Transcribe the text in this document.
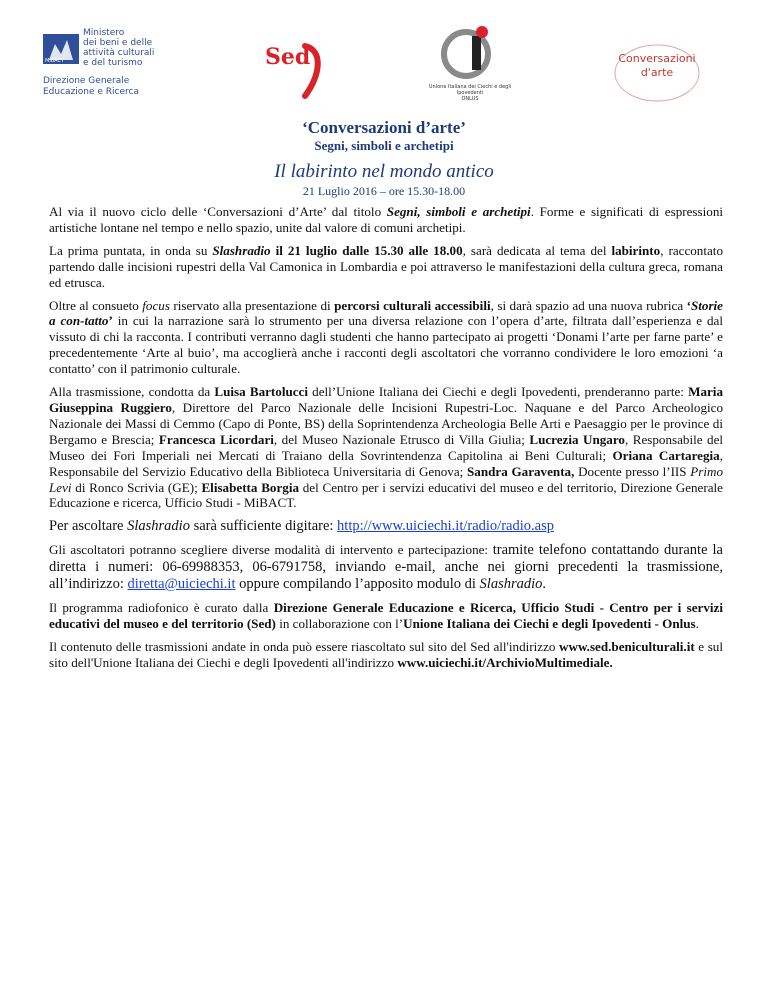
MiBACT
Ministero
dei beni e delle
attività culturali
e del turismo
Direzione Generale
Educazione e Ricerca
Sed
Unione Italiana dei Ciechi e degli Ipovedenti
ONLUS
Conversazioni
d'arte
‘Conversazioni d’arte’
Segni, simboli e archetipi
Il labirinto nel mondo antico
21 Luglio 2016 – ore 15.30-18.00

Al via il nuovo ciclo delle ‘Conversazioni d’Arte’ dal titolo Segni, simboli e archetipi. Forme e significati di espressioni artistiche lontane nel tempo e nello spazio, unite dal valore di comuni archetipi.

La prima puntata, in onda su Slashradio il 21 luglio dalle 15.30 alle 18.00, sarà dedicata al tema del labirinto, raccontato partendo dalle incisioni rupestri della Val Camonica in Lombardia e poi attraverso le manifestazioni della cultura greca, romana ed etrusca.

Oltre al consueto focus riservato alla presentazione di percorsi culturali accessibili, si darà spazio ad una nuova rubrica ‘Storie a con-tatto’ in cui la narrazione sarà lo strumento per una diversa relazione con l’opera d’arte, filtrata dall’esperienza e dal vissuto di chi la racconta. I contributi verranno dagli studenti che hanno partecipato ai progetti ‘Donami l’arte per farne parte’ e precedentemente ‘Arte al buio’, ma accoglierà anche i racconti degli ascoltatori che vorranno condividere le loro emozioni ‘a contatto’ con il patrimonio culturale.

Alla trasmissione, condotta da Luisa Bartolucci dell’Unione Italiana dei Ciechi e degli Ipovedenti, prenderanno parte: Maria Giuseppina Ruggiero, Direttore del Parco Nazionale delle Incisioni Rupestri-Loc. Naquane e del Parco Archeologico Nazionale dei Massi di Cemmo (Capo di Ponte, BS) della Soprintendenza Archeologia Belle Arti e Paesaggio per le province di Bergamo e Brescia; Francesca Licordari, del Museo Nazionale Etrusco di Villa Giulia; Lucrezia Ungaro, Responsabile del Museo dei Fori Imperiali nei Mercati di Traiano della Sovrintendenza Capitolina ai Beni Culturali; Oriana Cartaregia, Responsabile del Servizio Educativo della Biblioteca Universitaria di Genova; Sandra Garaventa, Docente presso l’IIS Primo Levi di Ronco Scrivia (GE); Elisabetta Borgia del Centro per i servizi educativi del museo e del territorio, Direzione Generale Educazione e ricerca, Ufficio Studi - MiBACT.

Per ascoltare Slashradio sarà sufficiente digitare: http://www.uiciechi.it/radio/radio.asp

Gli ascoltatori potranno scegliere diverse modalità di intervento e partecipazione: tramite telefono contattando durante la diretta i numeri: 06-69988353, 06-6791758, inviando e-mail, anche nei giorni precedenti la trasmissione, all’indirizzo: diretta@uiciechi.it oppure compilando l’apposito modulo di Slashradio.

Il programma radiofonico è curato dalla Direzione Generale Educazione e Ricerca, Ufficio Studi - Centro per i servizi educativi del museo e del territorio (Sed) in collaborazione con l’Unione Italiana dei Ciechi e degli Ipovedenti - Onlus.

Il contenuto delle trasmissioni andate in onda può essere riascoltato sul sito del Sed all'indirizzo www.sed.beniculturali.it e sul sito dell'Unione Italiana dei Ciechi e degli Ipovedenti all'indirizzo www.uiciechi.it/ArchivioMultimediale.
